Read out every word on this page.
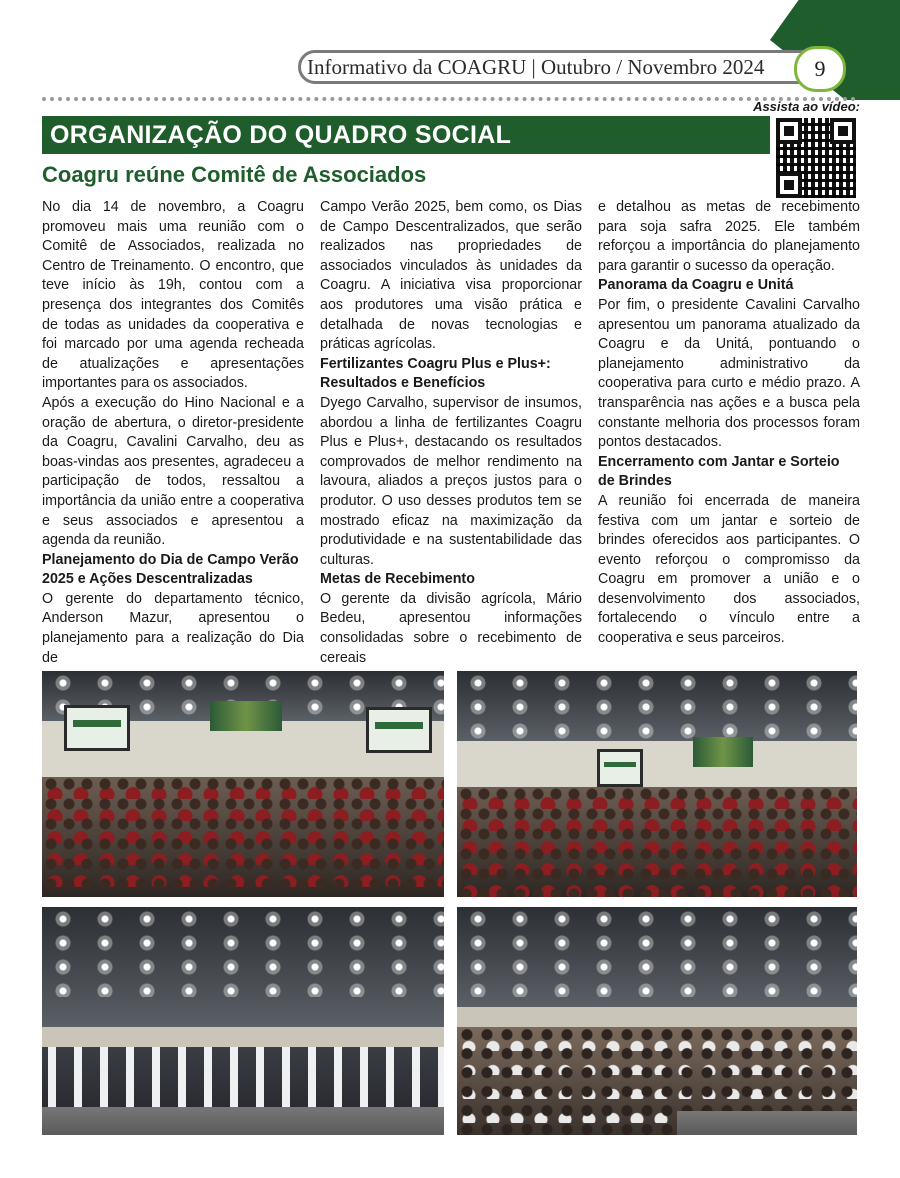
Informativo da COAGRU | Outubro / Novembro 2024	9
Assista ao vídeo:
ORGANIZAÇÃO DO QUADRO SOCIAL
Coagru reúne Comitê de Associados

No dia 14 de novembro, a Coagru promoveu mais uma reunião com o Comitê de Associados, realizada no Centro de Treinamento. O encontro, que teve início às 19h, contou com a presença dos integrantes dos Comitês de todas as unidades da cooperativa e foi marcado por uma agenda recheada de atualizações e apresentações importantes para os associados.

Após a execução do Hino Nacional e a oração de abertura, o diretor-presidente da Coagru, Cavalini Carvalho, deu as boas-vindas aos presentes, agradeceu a participação de todos, ressaltou a importância da união entre a cooperativa e seus associados e apresentou a agenda da reunião.

Planejamento do Dia de Campo Verão 2025 e Ações Descentralizadas

O gerente do departamento técnico, Anderson Mazur, apresentou o planejamento para a realização do Dia de

Campo Verão 2025, bem como, os Dias de Campo Descentralizados, que serão realizados nas propriedades de associados vinculados às unidades da Coagru. A iniciativa visa proporcionar aos produtores uma visão prática e detalhada de novas tecnologias e práticas agrícolas.

Fertilizantes Coagru Plus e Plus+: Resultados e Benefícios

Dyego Carvalho, supervisor de insumos, abordou a linha de fertilizantes Coagru Plus e Plus+, destacando os resultados comprovados de melhor rendimento na lavoura, aliados a preços justos para o produtor. O uso desses produtos tem se mostrado eficaz na maximização da produtividade e na sustentabilidade das culturas.

Metas de Recebimento

O gerente da divisão agrícola, Mário Bedeu, apresentou informações consolidadas sobre o recebimento de cereais

e detalhou as metas de recebimento para soja safra 2025. Ele também reforçou a importância do planejamento para garantir o sucesso da operação.

Panorama da Coagru e Unitá

Por fim, o presidente Cavalini Carvalho apresentou um panorama atualizado da Coagru e da Unitá, pontuando o planejamento administrativo da cooperativa para curto e médio prazo. A transparência nas ações e a busca pela constante melhoria dos processos foram pontos destacados.

Encerramento com Jantar e Sorteio de Brindes

A reunião foi encerrada de maneira festiva com um jantar e sorteio de brindes oferecidos aos participantes. O evento reforçou o compromisso da Coagru em promover a união e o desenvolvimento dos associados, fortalecendo o vínculo entre a cooperativa e seus parceiros.
